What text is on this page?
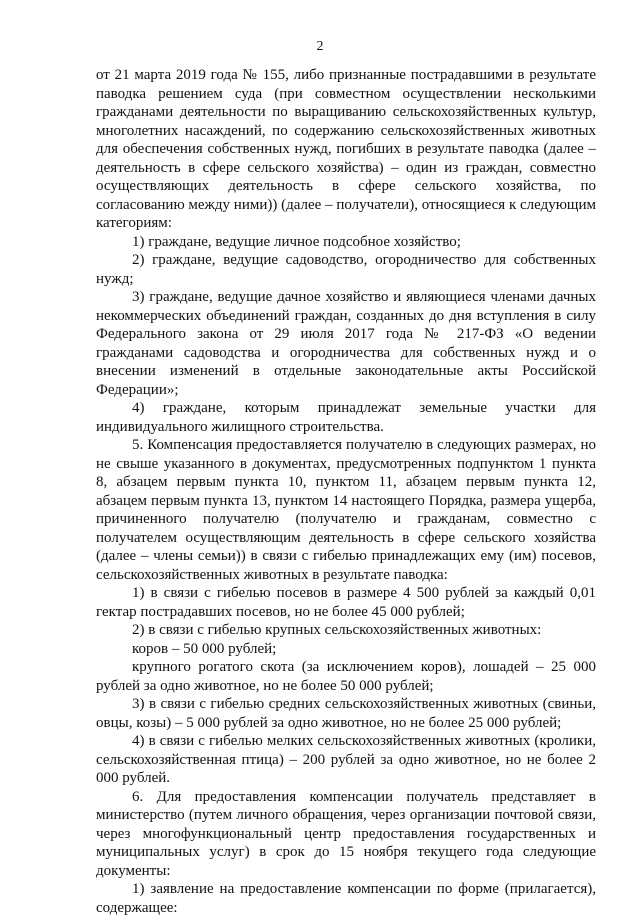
2

от 21 марта 2019 года № 155, либо признанные пострадавшими в результате паводка решением суда (при совместном осуществлении несколькими гражданами деятельности по выращиванию сельскохозяйственных культур, многолетних насаждений, по содержанию сельскохозяйственных животных для обеспечения собственных нужд, погибших в результате паводка (далее – деятельность в сфере сельского хозяйства) – один из граждан, совместно осуществляющих деятельность в сфере сельского хозяйства, по согласованию между ними)) (далее – получатели), относящиеся к следующим категориям:

1) граждане, ведущие личное подсобное хозяйство;

2) граждане, ведущие садоводство, огородничество для собственных нужд;

3) граждане, ведущие дачное хозяйство и являющиеся членами дачных некоммерческих объединений граждан, созданных до дня вступления в силу Федерального закона от 29 июля 2017 года № 217-ФЗ «О ведении гражданами садоводства и огородничества для собственных нужд и о внесении изменений в отдельные законодательные акты Российской Федерации»;

4) граждане, которым принадлежат земельные участки для индивидуального жилищного строительства.

5. Компенсация предоставляется получателю в следующих размерах, но не свыше указанного в документах, предусмотренных подпунктом 1 пункта 8, абзацем первым пункта 10, пунктом 11, абзацем первым пункта 12, абзацем первым пункта 13, пунктом 14 настоящего Порядка, размера ущерба, причиненного получателю (получателю и гражданам, совместно с получателем осуществляющим деятельность в сфере сельского хозяйства (далее – члены семьи)) в связи с гибелью принадлежащих ему (им) посевов, сельскохозяйственных животных в результате паводка:

1) в связи с гибелью посевов в размере 4 500 рублей за каждый 0,01 гектар пострадавших посевов, но не более 45 000 рублей;

2) в связи с гибелью крупных сельскохозяйственных животных:

коров – 50 000 рублей;

крупного рогатого скота (за исключением коров), лошадей – 25 000 рублей за одно животное, но не более 50 000 рублей;

3) в связи с гибелью средних сельскохозяйственных животных (свиньи, овцы, козы) – 5 000 рублей за одно животное, но не более 25 000 рублей;

4) в связи с гибелью мелких сельскохозяйственных животных (кролики, сельскохозяйственная птица) – 200 рублей за одно животное, но не более 2 000 рублей.

6. Для предоставления компенсации получатель представляет в министерство (путем личного обращения, через организации почтовой связи, через многофункциональный центр предоставления государственных и муниципальных услуг) в срок до 15 ноября текущего года следующие документы:

1) заявление на предоставление компенсации по форме (прилагается), содержащее:
